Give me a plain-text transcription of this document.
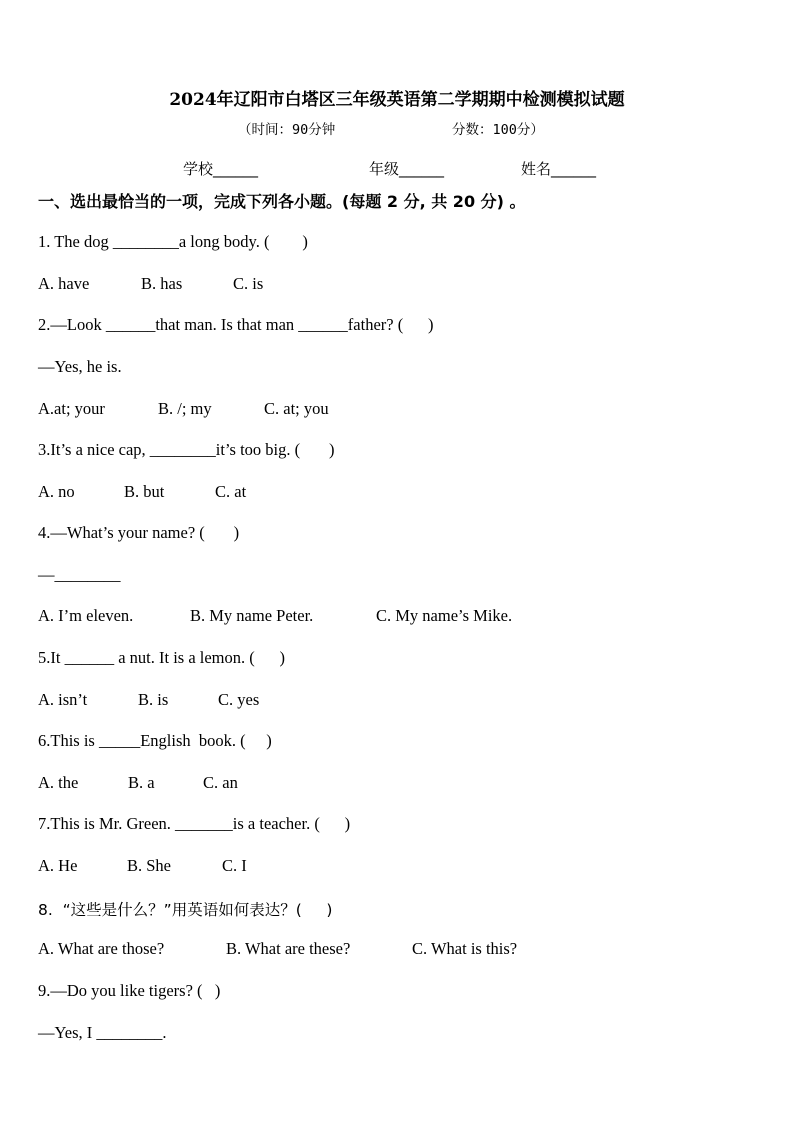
2024年辽阳市白塔区三年级英语第二学期期中检测模拟试题
（时间：90分钟	分数：100分）
学校______	年级______	姓名______
一、选出最恰当的一项，完成下列各小题。(每题 2 分, 共 20 分) 。
1. The dog ________a long body. (        )
A. have	B. has	C. is
2.—Look ______that man. Is that man ______father? (      )
—Yes, he is.
A.at; your	B. /; my	C. at; you
3.It’s a nice cap, ________it’s too big. (       )
A. no	B. but	C. at
4.—What’s your name? (       )
—________
A. I’m eleven.	B. My name Peter.	C. My name’s Mike.
5.It ______ a nut. It is a lemon. (      )
A. isn’t	B. is	C. yes
6.This is _____English  book. (     )
A. the	B. a	C. an
7.This is Mr. Green. _______is a teacher. (      )
A. He	B. She	C. I
8.  “这些是什么？”用英语如何表达？(     )
A. What are those?	B. What are these?	C. What is this?
9.—Do you like tigers? (   )
—Yes, I ________.
